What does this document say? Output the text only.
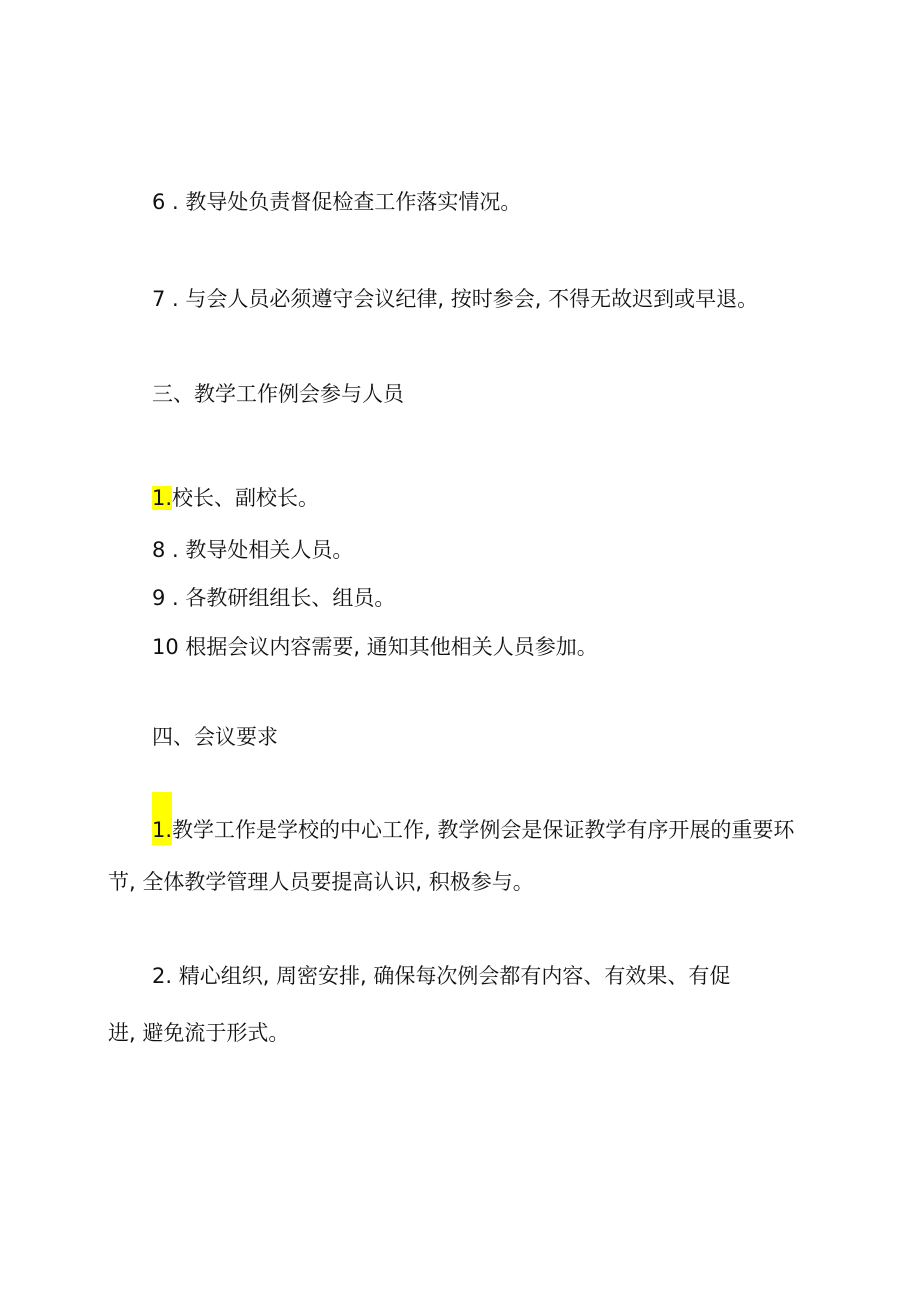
6 . 教导处负责督促检查工作落实情况。
7 . 与会人员必须遵守会议纪律, 按时参会, 不得无故迟到或早退。
三、教学工作例会参与人员
1.校长、副校长。
8 . 教导处相关人员。
9 . 各教研组组长、组员。
10 根据会议内容需要, 通知其他相关人员参加。
四、会议要求
1.教学工作是学校的中心工作, 教学例会是保证教学有序开展的重要环
节, 全体教学管理人员要提高认识, 积极参与。
2. 精心组织, 周密安排, 确保每次例会都有内容、有效果、有促
进, 避免流于形式。
